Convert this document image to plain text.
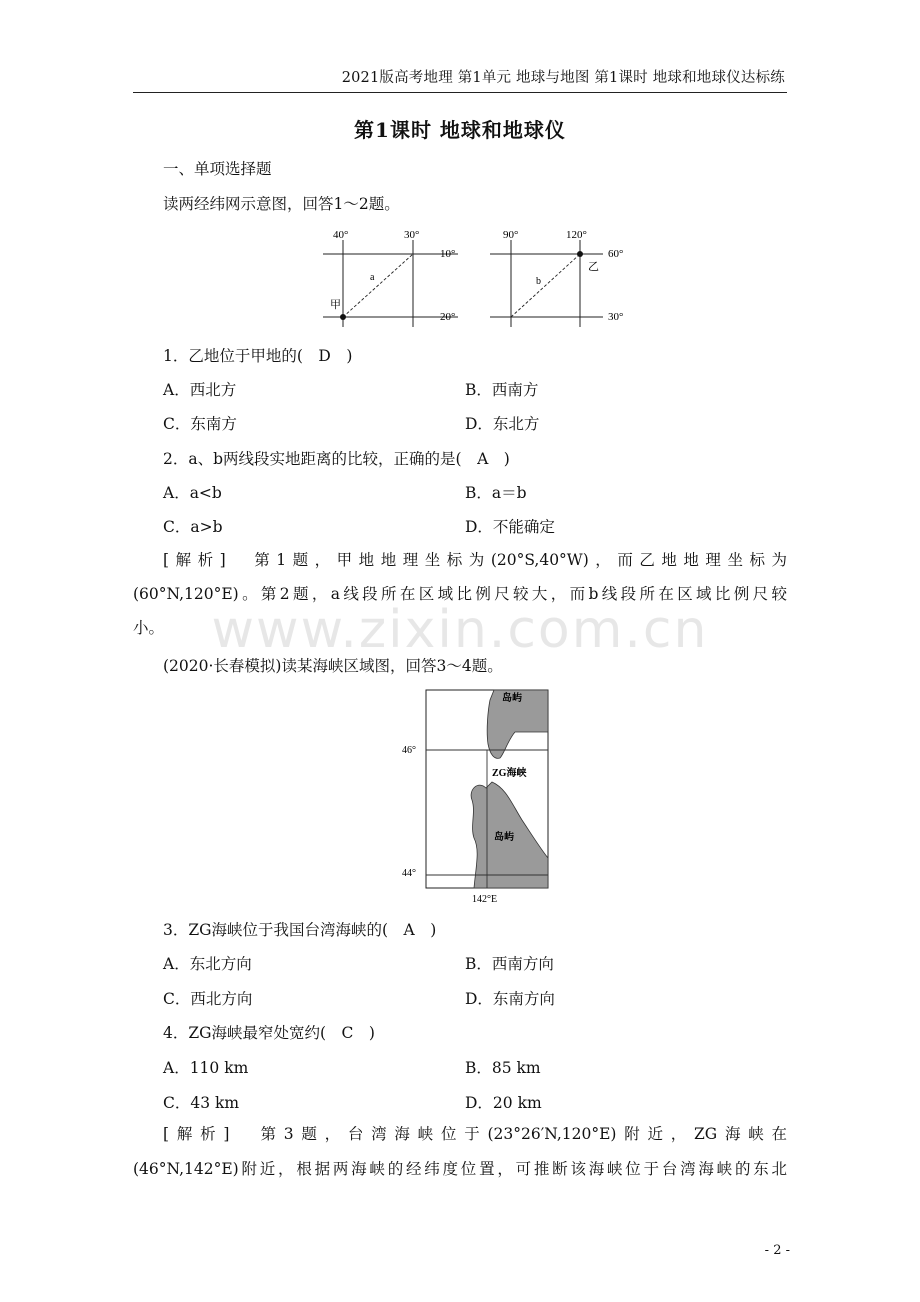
2021版高考地理 第1单元 地球与地图 第1课时 地球和地球仪达标练
第1课时 地球和地球仪
一、单项选择题
读两经纬网示意图，回答1～2题。
40°	30°
10°
20°
a
甲
90°	120°
60°
30°
b
乙
1．乙地位于甲地的(　D　)
A．西北方	B．西南方
C．东南方	D．东北方
2．a、b两线段实地距离的比较，正确的是(　A　)
A．a<b	B．a＝b
C．a>b	D．不能确定
[解析]　第1题，甲地地理坐标为(20°S,40°W)，而乙地地理坐标为
(60°N,120°E)。第2题，a线段所在区域比例尺较大，而b线段所在区域比例尺较
小。 www.zixin.com.cn
(2020·长春模拟)读某海峡区域图，回答3～4题。
岛屿
ZG海峡
岛屿
46°
44°
142°E
3．ZG海峡位于我国台湾海峡的(　A　)
A．东北方向	B．西南方向
C．西北方向	D．东南方向
4．ZG海峡最窄处宽约(　C　)
A．110 km	B．85 km
C．43 km	D．20 km
[解析]　第3题，台湾海峡位于(23°26′N,120°E)附近，ZG海峡在
(46°N,142°E)附近，根据两海峡的经纬度位置，可推断该海峡位于台湾海峡的东北
- 2 -
